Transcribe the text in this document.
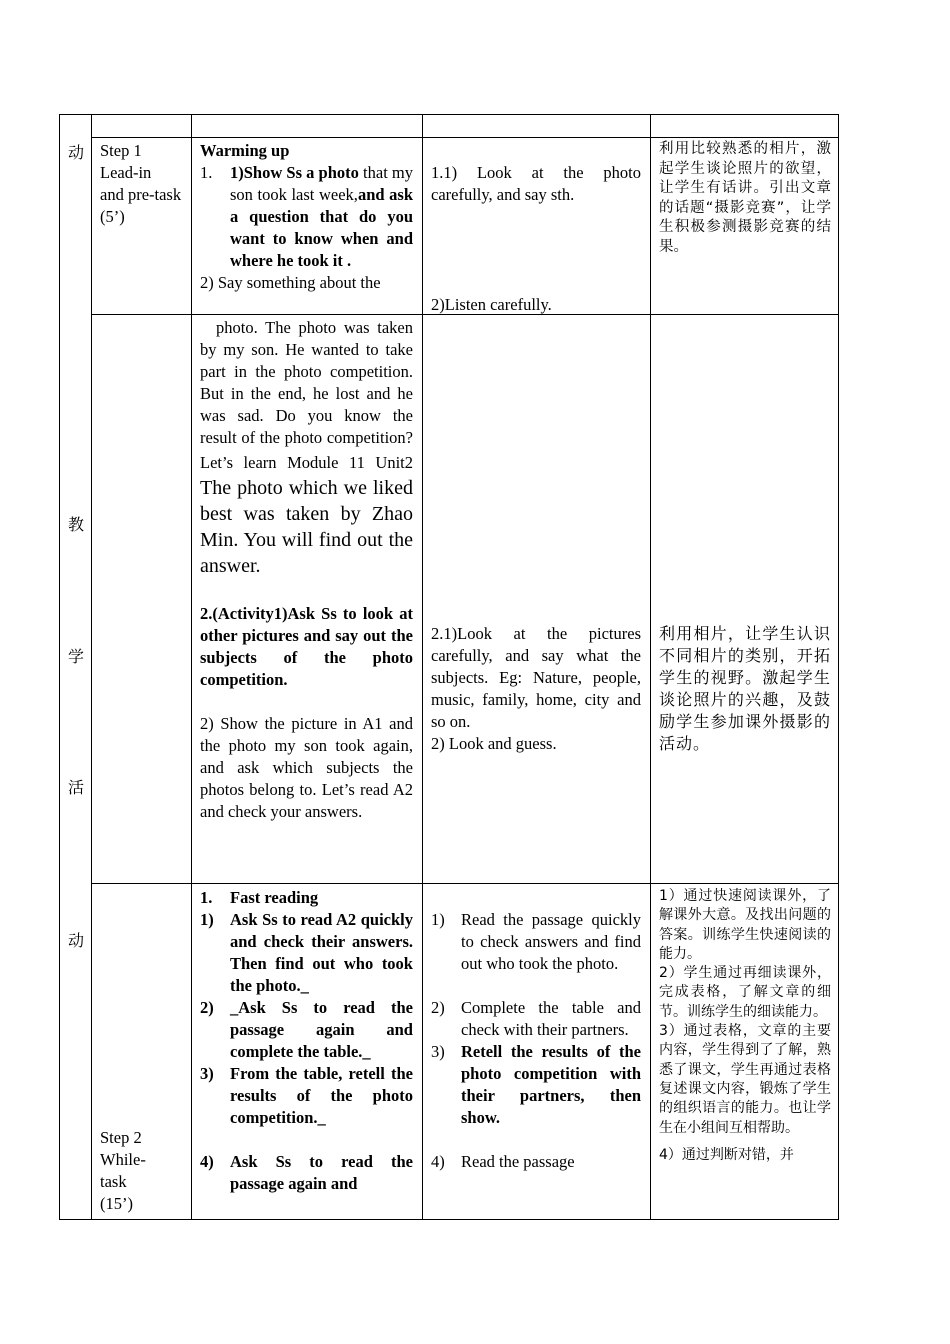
动
教
学
活
动
Step 1
Lead-in
and pre-task
(5’)
Warming up
1. 1)Show Ss a photo that my son took last week,and ask a question that do you want to know when and where he took it .
2) Say something about the
1.1) Look at the photo carefully, and say sth.
2)Listen carefully.
利用比较熟悉的相片，激起学生谈论照片的欲望，让学生有话讲。引出文章的话题“摄影竞赛”，让学生积极参测摄影竞赛的结果。

photo. The photo was taken by my son. He wanted to take part in the photo competition. But in the end, he lost and he was sad. Do you know the result of the photo competition? Let’s learn Module 11 Unit2 The photo which we liked best was taken by Zhao Min. You will find out the answer.

2.(Activity1)Ask Ss to look at other pictures and say out the subjects of the photo competition.

2) Show the picture in A1 and the photo my son took again, and ask which subjects the photos belong to. Let’s read A2 and check your answers.

2.1)Look at the pictures carefully, and say what the subjects. Eg: Nature, people, music, family, home, city and so on.
2) Look and guess.
利用相片，让学生认识不同相片的类别，开拓学生的视野。激起学生谈论照片的兴趣，及鼓励学生参加课外摄影的活动。
Step 2
While-
task
(15’)
1. Fast reading
1) Ask Ss to read A2 quickly and check their answers. Then find out who took the photo._
2) _Ask Ss to read the passage again and complete the table._
3) From the table, retell the results of the photo competition._
4) Ask Ss to read the passage again and
1) Read the passage quickly to check answers and find out who took the photo.
2) Complete the table and check with their partners.
3) Retell the results of the photo competition with their partners, then show.
4) Read the passage
1）通过快速阅读课外，了解课外大意。及找出问题的答案。训练学生快速阅读的能力。
2）学生通过再细读课外，完成表格，了解文章的细节。训练学生的细读能力。
3）通过表格，文章的主要内容，学生得到了了解，熟悉了课文，学生再通过表格复述课文内容，锻炼了学生的组织语言的能力。也让学生在小组间互相帮助。
4）通过判断对错，并
